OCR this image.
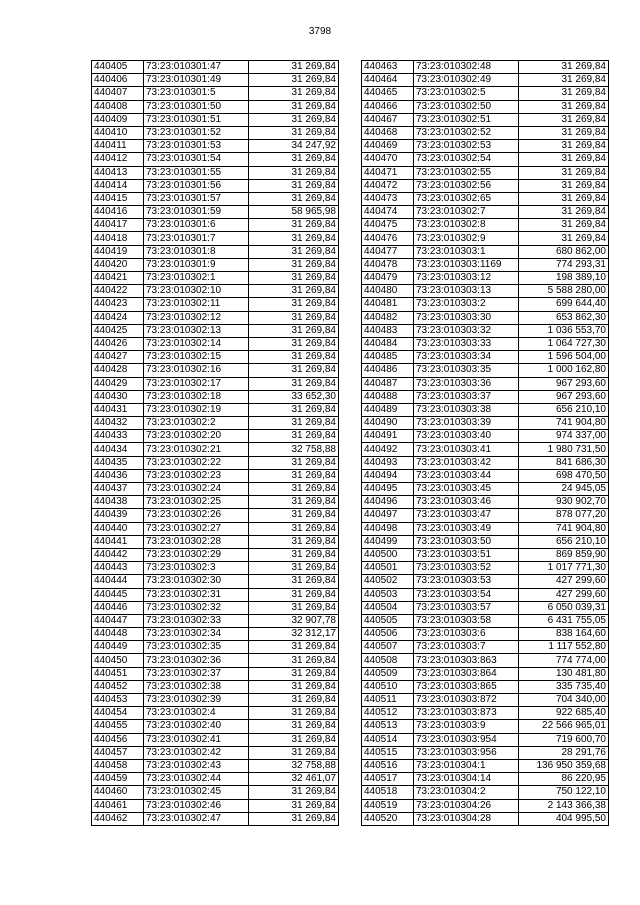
3798
440405	73:23:010301:47	31 269,84
440406	73:23:010301:49	31 269,84
440407	73:23:010301:5	31 269,84
440408	73:23:010301:50	31 269,84
440409	73:23:010301:51	31 269,84
440410	73:23:010301:52	31 269,84
440411	73:23:010301:53	34 247,92
440412	73:23:010301:54	31 269,84
440413	73:23:010301:55	31 269,84
440414	73:23:010301:56	31 269,84
440415	73:23:010301:57	31 269,84
440416	73:23:010301:59	58 965,98
440417	73:23:010301:6	31 269,84
440418	73:23:010301:7	31 269,84
440419	73:23:010301:8	31 269,84
440420	73:23:010301:9	31 269,84
440421	73:23:010302:1	31 269,84
440422	73:23:010302:10	31 269,84
440423	73:23:010302:11	31 269,84
440424	73:23:010302:12	31 269,84
440425	73:23:010302:13	31 269,84
440426	73:23:010302:14	31 269,84
440427	73:23:010302:15	31 269,84
440428	73:23:010302:16	31 269,84
440429	73:23:010302:17	31 269,84
440430	73:23:010302:18	33 652,30
440431	73:23:010302:19	31 269,84
440432	73:23:010302:2	31 269,84
440433	73:23:010302:20	31 269,84
440434	73:23:010302:21	32 758,88
440435	73:23:010302:22	31 269,84
440436	73:23:010302:23	31 269,84
440437	73:23:010302:24	31 269,84
440438	73:23:010302:25	31 269,84
440439	73:23:010302:26	31 269,84
440440	73:23:010302:27	31 269,84
440441	73:23:010302:28	31 269,84
440442	73:23:010302:29	31 269,84
440443	73:23:010302:3	31 269,84
440444	73:23:010302:30	31 269,84
440445	73:23:010302:31	31 269,84
440446	73:23:010302:32	31 269,84
440447	73:23:010302:33	32 907,78
440448	73:23:010302:34	32 312,17
440449	73:23:010302:35	31 269,84
440450	73:23:010302:36	31 269,84
440451	73:23:010302:37	31 269,84
440452	73:23:010302:38	31 269,84
440453	73:23:010302:39	31 269,84
440454	73:23:010302:4	31 269,84
440455	73:23:010302:40	31 269,84
440456	73:23:010302:41	31 269,84
440457	73:23:010302:42	31 269,84
440458	73:23:010302:43	32 758,88
440459	73:23:010302:44	32 461,07
440460	73:23:010302:45	31 269,84
440461	73:23:010302:46	31 269,84
440462	73:23:010302:47	31 269,84
440463	73:23:010302:48	31 269,84
440464	73:23:010302:49	31 269,84
440465	73:23:010302:5	31 269,84
440466	73:23:010302:50	31 269,84
440467	73:23:010302:51	31 269,84
440468	73:23:010302:52	31 269,84
440469	73:23:010302:53	31 269,84
440470	73:23:010302:54	31 269,84
440471	73:23:010302:55	31 269,84
440472	73:23:010302:56	31 269,84
440473	73:23:010302:65	31 269,84
440474	73:23:010302:7	31 269,84
440475	73:23:010302:8	31 269,84
440476	73:23:010302:9	31 269,84
440477	73:23:010303:1	680 862,00
440478	73:23:010303:1169	774 293,31
440479	73:23:010303:12	198 389,10
440480	73:23:010303:13	5 588 280,00
440481	73:23:010303:2	699 644,40
440482	73:23:010303:30	653 862,30
440483	73:23:010303:32	1 036 553,70
440484	73:23:010303:33	1 064 727,30
440485	73:23:010303:34	1 596 504,00
440486	73:23:010303:35	1 000 162,80
440487	73:23:010303:36	967 293,60
440488	73:23:010303:37	967 293,60
440489	73:23:010303:38	656 210,10
440490	73:23:010303:39	741 904,80
440491	73:23:010303:40	974 337,00
440492	73:23:010303:41	1 980 731,50
440493	73:23:010303:42	841 686,30
440494	73:23:010303:44	698 470,50
440495	73:23:010303:45	24 945,05
440496	73:23:010303:46	930 902,70
440497	73:23:010303:47	878 077,20
440498	73:23:010303:49	741 904,80
440499	73:23:010303:50	656 210,10
440500	73:23:010303:51	869 859,90
440501	73:23:010303:52	1 017 771,30
440502	73:23:010303:53	427 299,60
440503	73:23:010303:54	427 299,60
440504	73:23:010303:57	6 050 039,31
440505	73:23:010303:58	6 431 755,05
440506	73:23:010303:6	838 164,60
440507	73:23:010303:7	1 117 552,80
440508	73:23:010303:863	774 774,00
440509	73:23:010303:864	130 481,80
440510	73:23:010303:865	335 735,40
440511	73:23:010303:872	704 340,00
440512	73:23:010303:873	922 685,40
440513	73:23:010303:9	22 566 965,01
440514	73:23:010303:954	719 600,70
440515	73:23:010303:956	28 291,76
440516	73:23:010304:1	136 950 359,68
440517	73:23:010304:14	86 220,95
440518	73:23:010304:2	750 122,10
440519	73:23:010304:26	2 143 366,38
440520	73:23:010304:28	404 995,50
